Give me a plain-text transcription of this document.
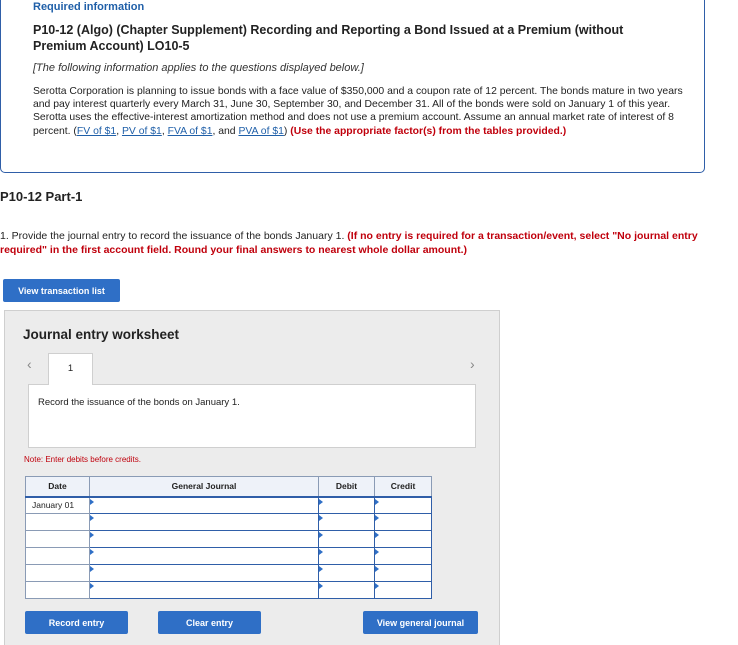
Required information
P10-12 (Algo) (Chapter Supplement) Recording and Reporting a Bond Issued at a Premium (without Premium Account) LO10-5
[The following information applies to the questions displayed below.]
Serotta Corporation is planning to issue bonds with a face value of $350,000 and a coupon rate of 12 percent. The bonds mature in two years and pay interest quarterly every March 31, June 30, September 30, and December 31. All of the bonds were sold on January 1 of this year. Serotta uses the effective-interest amortization method and does not use a premium account. Assume an annual market rate of interest of 8 percent. (FV of $1, PV of $1, FVA of $1, and PVA of $1) (Use the appropriate factor(s) from the tables provided.)
P10-12 Part-1
1. Provide the journal entry to record the issuance of the bonds January 1. (If no entry is required for a transaction/event, select "No journal entry required" in the first account field. Round your final answers to nearest whole dollar amount.)
View transaction list
Journal entry worksheet
‹	1	›
Record the issuance of the bonds on January 1.
Note: Enter debits before credits.
Date	General Journal	Debit	Credit
January 01			

Record entry	Clear entry	View general journal
